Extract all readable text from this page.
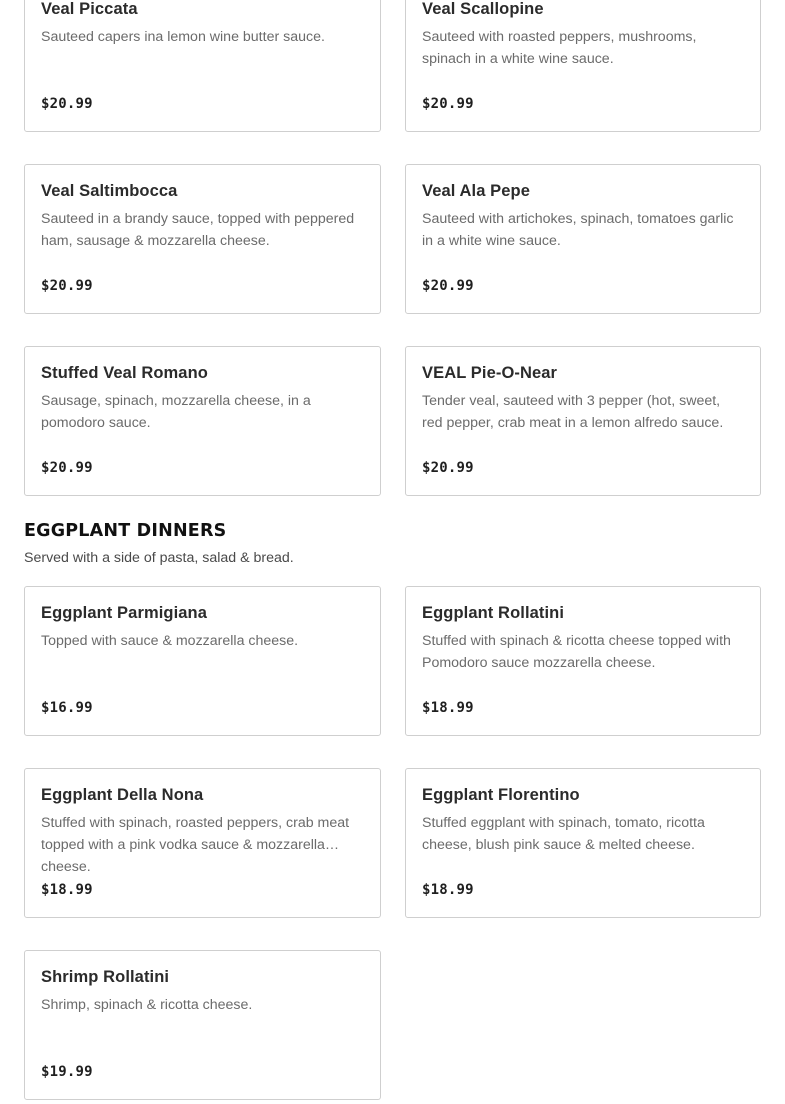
Veal Piccata
Sauteed capers ina lemon wine butter sauce.
$20.99
Veal Scallopine
Sauteed with roasted peppers, mushrooms, spinach in a white wine sauce.
$20.99
Veal Saltimbocca
Sauteed in a brandy sauce, topped with peppered ham, sausage & mozzarella cheese.
$20.99
Veal Ala Pepe
Sauteed with artichokes, spinach, tomatoes garlic in a white wine sauce.
$20.99
Stuffed Veal Romano
Sausage, spinach, mozzarella cheese, in a pomodoro sauce.
$20.99
VEAL Pie-O-Near
Tender veal, sauteed with 3 pepper (hot, sweet, red pepper, crab meat in a lemon alfredo sauce.
$20.99
EGGPLANT DINNERS
Served with a side of pasta, salad & bread.
Eggplant Parmigiana
Topped with sauce & mozzarella cheese.
$16.99
Eggplant Rollatini
Stuffed with spinach & ricotta cheese topped with Pomodoro sauce mozzarella cheese.
$18.99
Eggplant Della Nona
Stuffed with spinach, roasted peppers, crab meat topped with a pink vodka sauce & mozzarella cheese.
$18.99
Eggplant Florentino
Stuffed eggplant with spinach, tomato, ricotta cheese, blush pink sauce & melted cheese.
$18.99
Shrimp Rollatini
Shrimp, spinach & ricotta cheese.
$19.99
